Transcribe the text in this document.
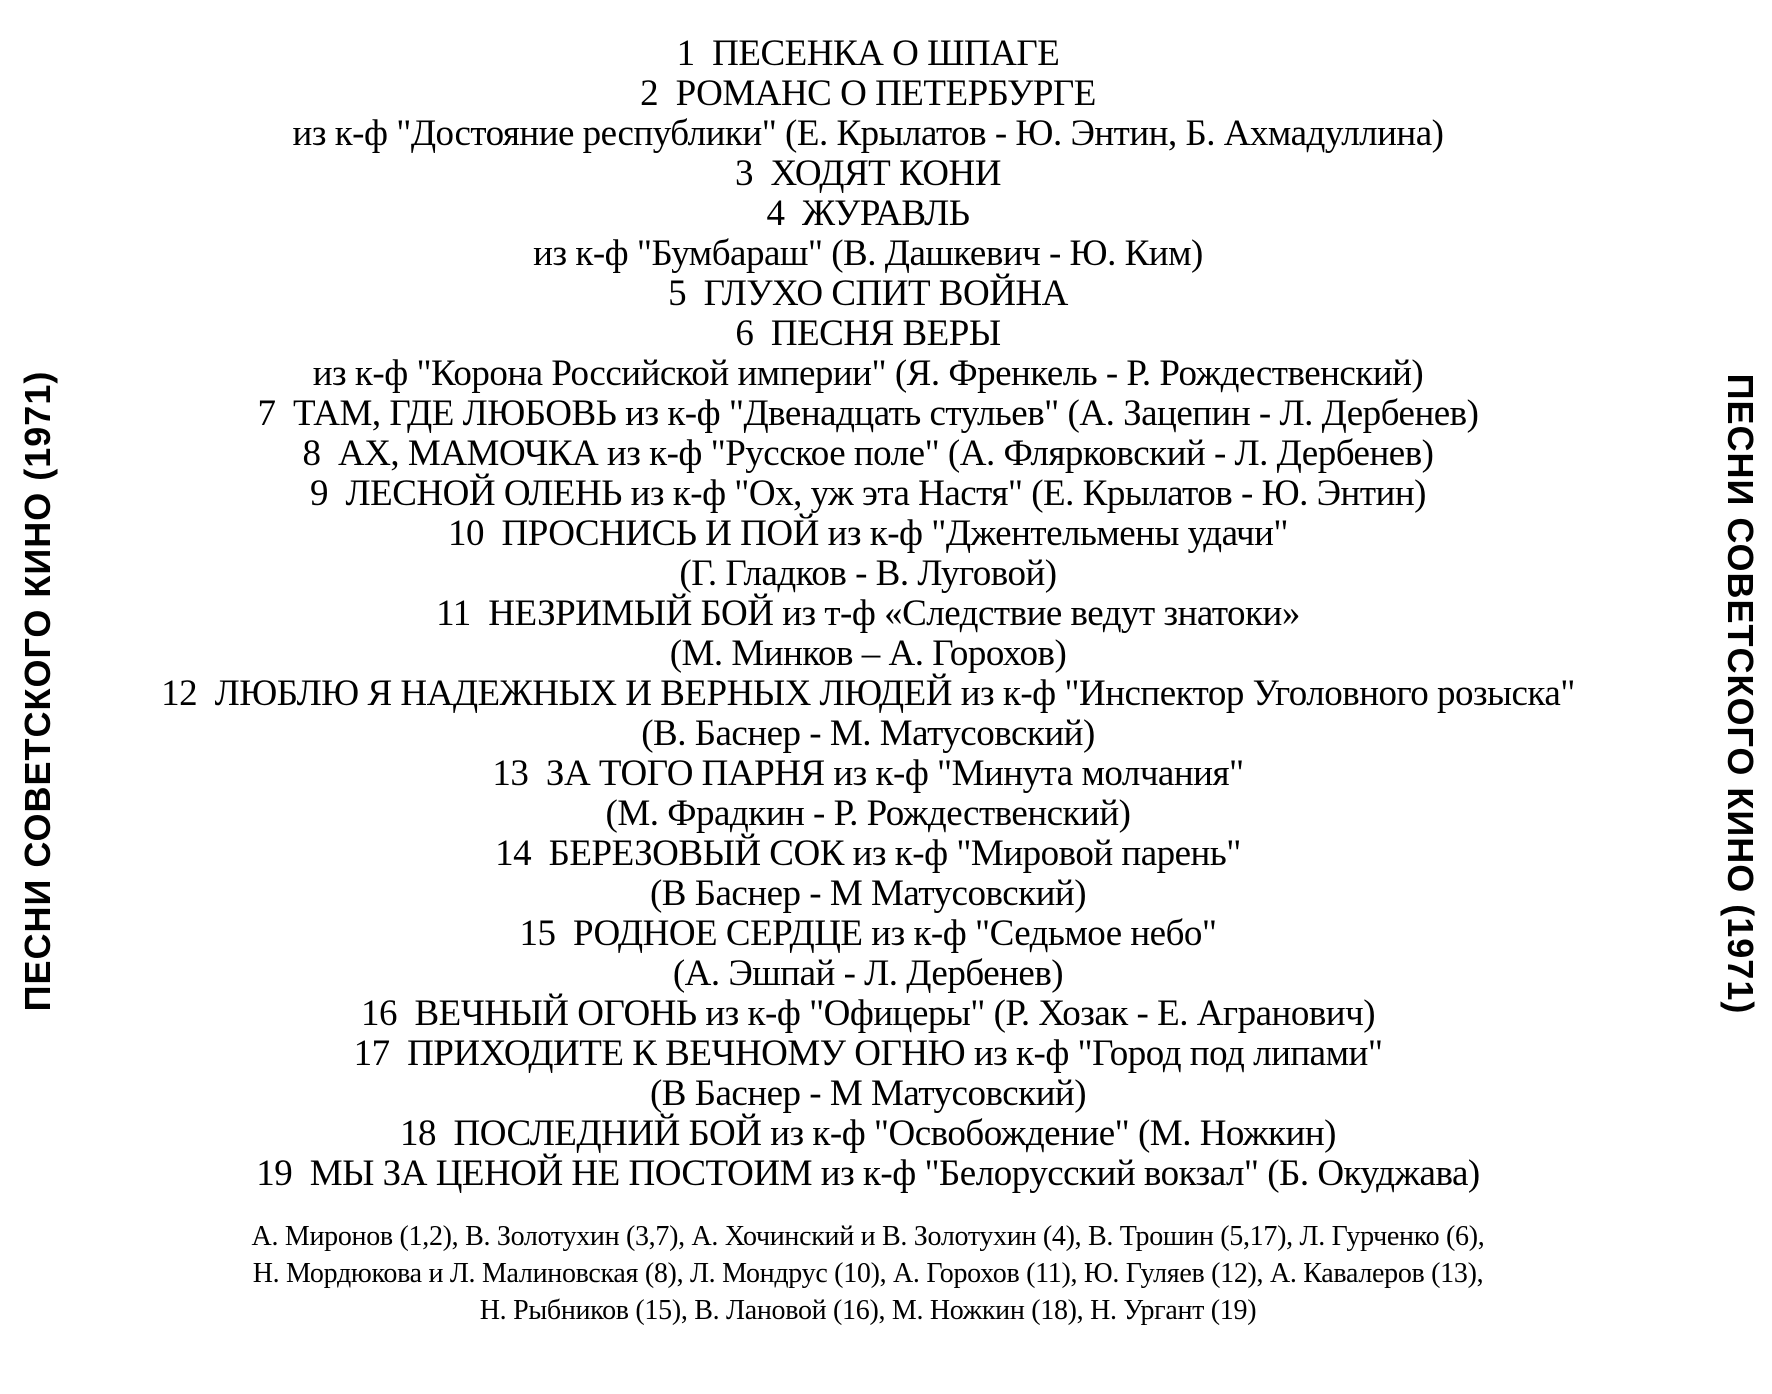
ПЕСНИ СОВЕТСКОГО КИНО (1971)	ПЕСНИ СОВЕТСКОГО КИНО (1971)
1  ПЕСЕНКА О ШПАГЕ
2  РОМАНС О ПЕТЕРБУРГЕ
из к-ф "Достояние республики" (Е. Крылатов - Ю. Энтин, Б. Ахмадуллина)
3  ХОДЯТ КОНИ
4  ЖУРАВЛЬ
из к-ф "Бумбараш" (В. Дашкевич - Ю. Ким)
5  ГЛУХО СПИТ ВОЙНА
6  ПЕСНЯ ВЕРЫ
из к-ф "Корона Российской империи" (Я. Френкель - Р. Рождественский)
7  ТАМ, ГДЕ ЛЮБОВЬ из к-ф "Двенадцать стульев" (А. Зацепин - Л. Дербенев)
8  АХ, МАМОЧКА из к-ф "Русское поле" (А. Флярковский - Л. Дербенев)
9  ЛЕСНОЙ ОЛЕНЬ из к-ф "Ох, уж эта Настя" (Е. Крылатов - Ю. Энтин)
10  ПРОСНИСЬ И ПОЙ из к-ф "Джентельмены удачи"
(Г. Гладков - В. Луговой)
11  НЕЗРИМЫЙ БОЙ из т-ф «Следствие ведут знатоки»
(М. Минков – А. Горохов)
12  ЛЮБЛЮ Я НАДЕЖНЫХ И ВЕРНЫХ ЛЮДЕЙ из к-ф "Инспектор Уголовного розыска"
(В. Баснер - М. Матусовский)
13  ЗА ТОГО ПАРНЯ из к-ф "Минута молчания"
(М. Фрадкин - Р. Рождественский)
14  БЕРЕЗОВЫЙ СОК из к-ф "Мировой парень"
(В Баснер - М Матусовский)
15  РОДНОЕ СЕРДЦЕ из к-ф "Седьмое небо"
(А. Эшпай - Л. Дербенев)
16  ВЕЧНЫЙ ОГОНЬ из к-ф "Офицеры" (Р. Хозак - Е. Агранович)
17  ПРИХОДИТЕ К ВЕЧНОМУ ОГНЮ из к-ф "Город под липами"
(В Баснер - М Матусовский)
18  ПОСЛЕДНИЙ БОЙ из к-ф "Освобождение" (М. Ножкин)
19  МЫ ЗА ЦЕНОЙ НЕ ПОСТОИМ из к-ф "Белорусский вокзал" (Б. Окуджава)
А. Миронов (1,2), В. Золотухин (3,7), А. Хочинский и В. Золотухин (4), В. Трошин (5,17), Л. Гурченко (6),
Н. Мордюкова и Л. Малиновская (8), Л. Мондрус (10), А. Горохов (11), Ю. Гуляев (12), А. Кавалеров (13),
Н. Рыбников (15), В. Лановой (16), М. Ножкин (18), Н. Ургант (19)
